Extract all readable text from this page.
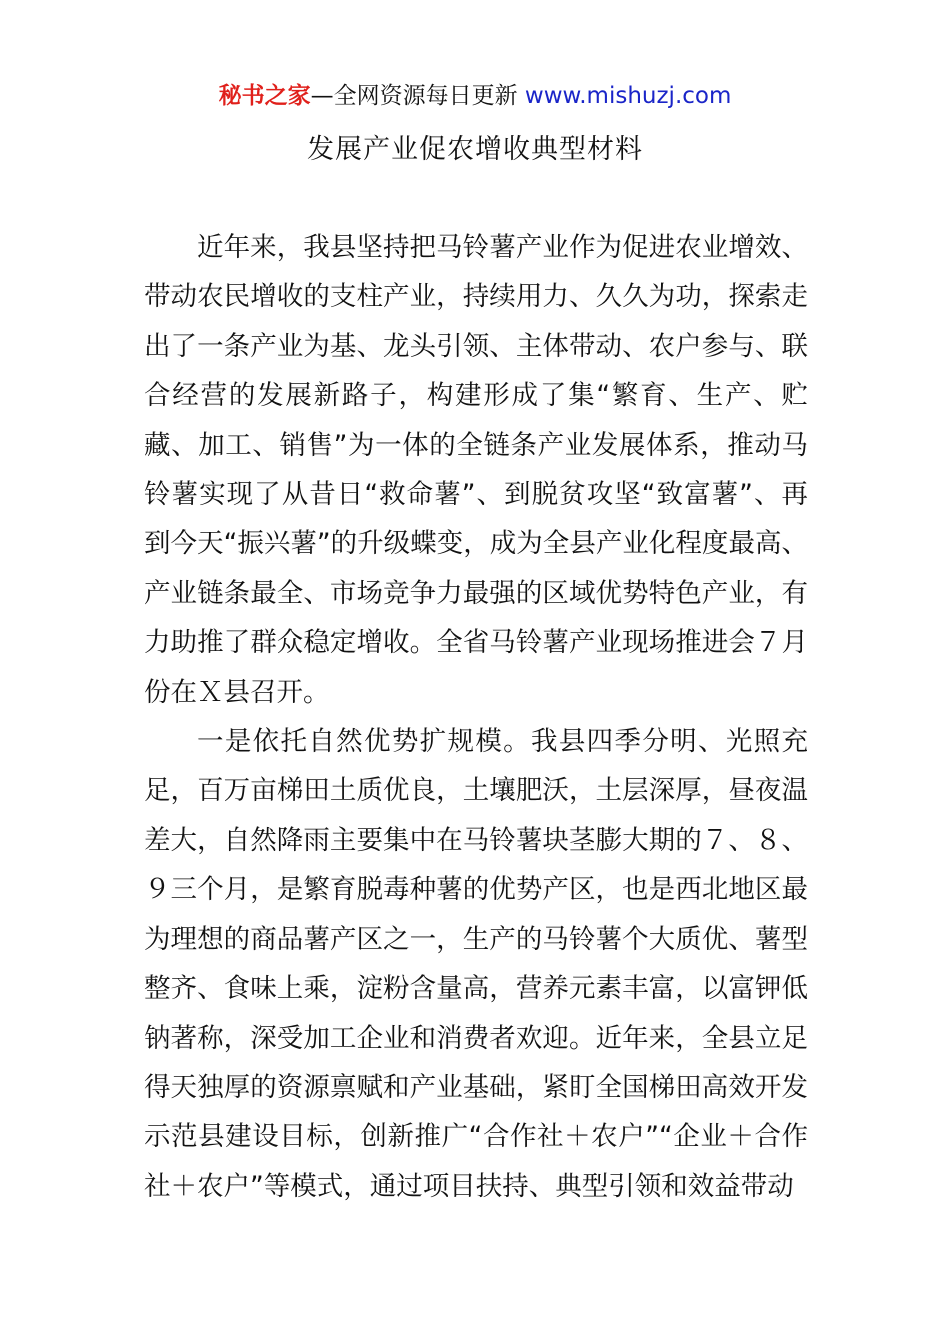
秘书之家—全网资源每日更新 www.mishuzj.com
发展产业促农增收典型材料

近年来，我县坚持把马铃薯产业作为促进农业增效、带动农民增收的支柱产业，持续用力、久久为功，探索走出了一条产业为基、龙头引领、主体带动、农户参与、联合经营的发展新路子，构建形成了集“繁育、生产、贮藏、加工、销售”为一体的全链条产业发展体系，推动马铃薯实现了从昔日“救命薯”、到脱贫攻坚“致富薯”、再到今天“振兴薯”的升级蝶变，成为全县产业化程度最高、产业链条最全、市场竞争力最强的区域优势特色产业，有力助推了群众稳定增收。全省马铃薯产业现场推进会７月份在Ｘ县召开。

一是依托自然优势扩规模。我县四季分明、光照充足，百万亩梯田土质优良，土壤肥沃，土层深厚，昼夜温差大，自然降雨主要集中在马铃薯块茎膨大期的７、８、９三个月，是繁育脱毒种薯的优势产区，也是西北地区最为理想的商品薯产区之一，生产的马铃薯个大质优、薯型整齐、食味上乘，淀粉含量高，营养元素丰富，以富钾低钠著称，深受加工企业和消费者欢迎。近年来，全县立足得天独厚的资源禀赋和产业基础，紧盯全国梯田高效开发示范县建设目标，创新推广“合作社＋农户”“企业＋合作社＋农户”等模式，通过项目扶持、典型引领和效益带动
